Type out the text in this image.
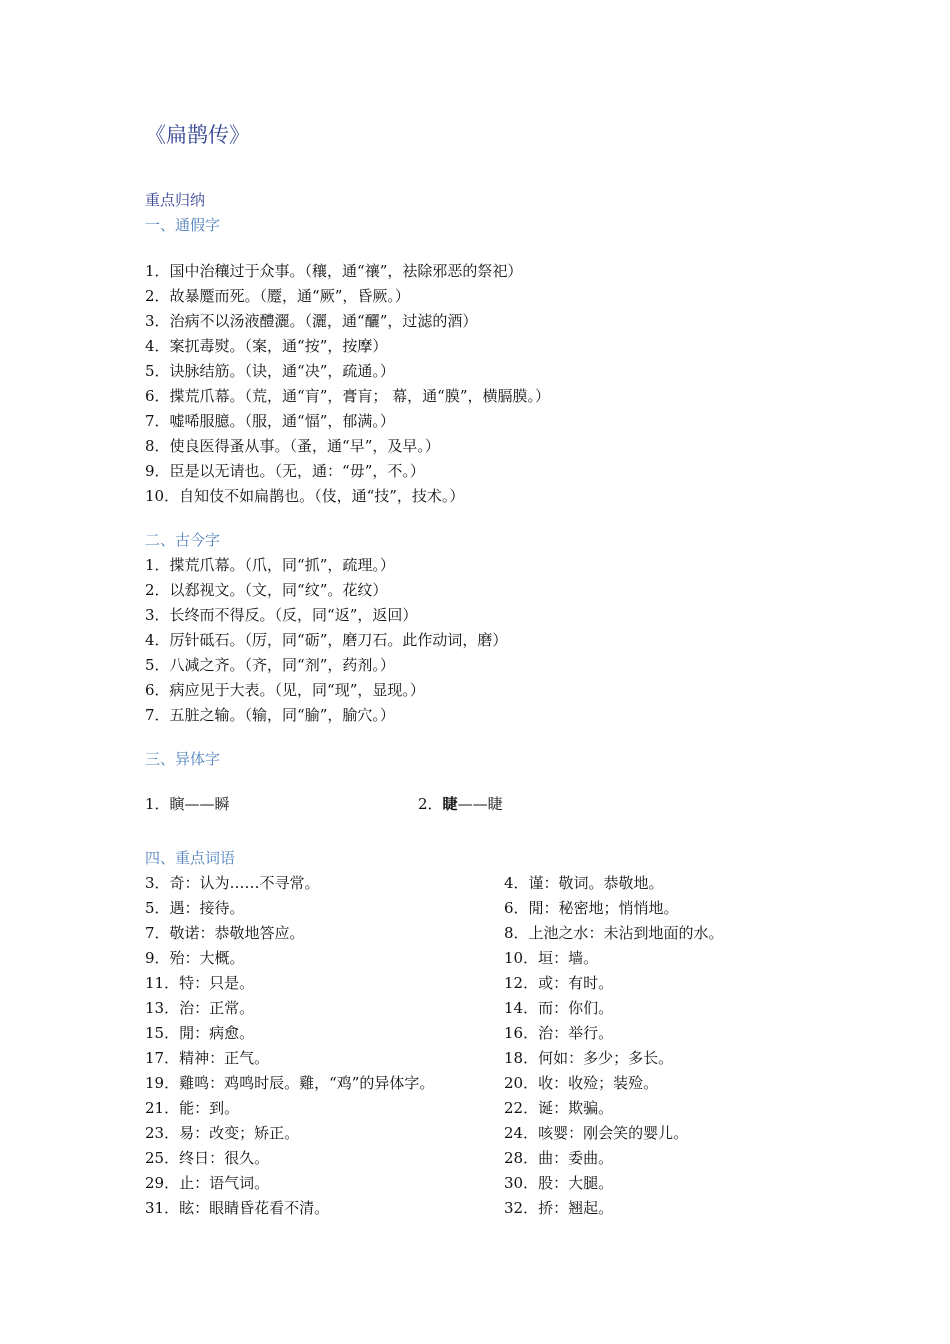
《扁鹊传》
重点归纳
一、通假字
1．国中治穰过于众事。（穰，通“禳”，祛除邪恶的祭祀）
2．故暴蹷而死。（蹷，通“厥”，昏厥。）
3．治病不以汤液醴灑。（灑，通“釃”，过滤的酒）
4．案扤毒熨。（案，通“按”，按摩）
5．诀脉结筋。（诀，通“决”，疏通。）
6．揲荒爪幕。（荒，通“肓”，膏肓； 幕，通“膜”，横膈膜。）
7．嘘唏服臆。（服，通“愊”，郁满。）
8．使良医得蚤从事。（蚤，通“早”，及早。）
9．臣是以无请也。（无，通：“毋”，不。）
10．自知伎不如扁鹊也。（伎，通“技”，技术。）
二、古今字
1．揲荒爪幕。（爪，同“抓”，疏理。）
2．以郄视文。（文，同“纹”。花纹）
3．长终而不得反。（反，同“返”，返回）
4．厉针砥石。（厉，同“砺”，磨刀石。此作动词，磨）
5．八减之齐。（齐，同“剂”，药剂。）
6．病应见于大表。（见，同“现”，显现。）
7．五脏之输。（输，同“腧”，腧穴。）
三、异体字
1．瞚——瞬	2．睫——睫
四、重点词语
3．奇：认为……不寻常。	4．谨：敬词。恭敬地。
5．遇：接待。	6．閒：秘密地；悄悄地。
7．敬诺：恭敬地答应。	8．上池之水：未沾到地面的水。
9．殆：大概。	10．垣：墙。
11．特：只是。	12．或：有时。
13．治：正常。	14．而：你们。
15．閒：病愈。	16．治：举行。
17．精神：正气。	18．何如：多少；多长。
19．雞鸣：鸡鸣时辰。雞，“鸡”的异体字。	20．收：收殓；装殓。
21．能：到。	22．诞：欺骗。
23．易：改变；矫正。	24．咳婴：刚会笑的婴儿。
25．终日：很久。	28．曲：委曲。
29．止：语气词。	30．股：大腿。
31．眩：眼睛昏花看不清。	32．挢：翘起。
